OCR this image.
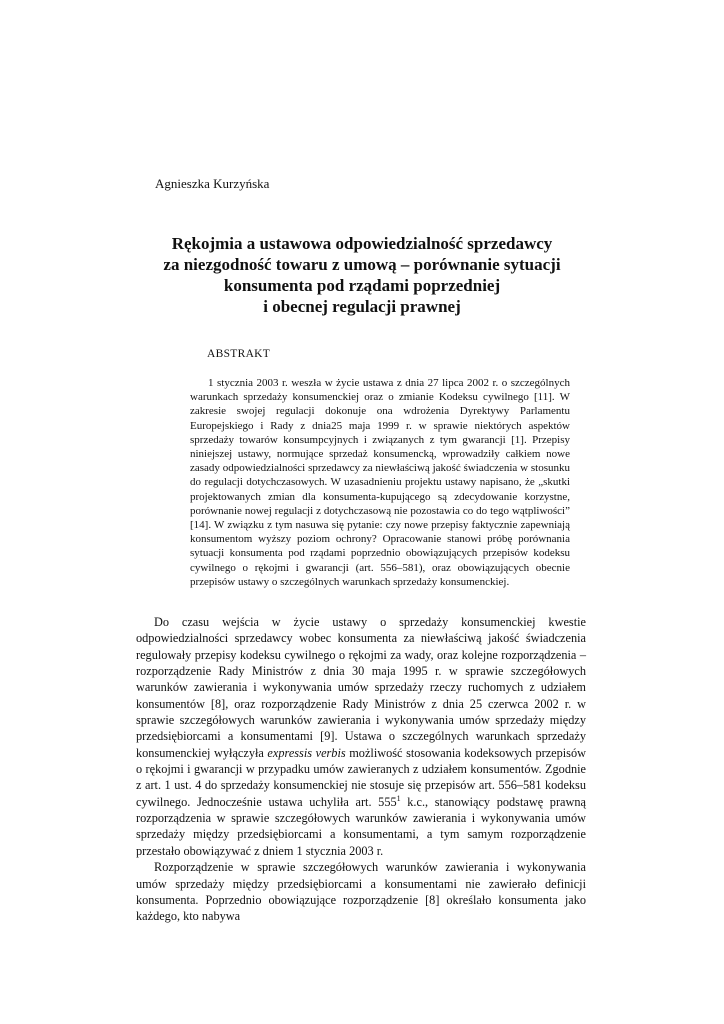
Agnieszka Kurzyńska
Rękojmia a ustawowa odpowiedzialność sprzedawcy
za niezgodność towaru z umową – porównanie sytuacji
konsumenta pod rządami poprzedniej
i obecnej regulacji prawnej
ABSTRAKT
1 stycznia 2003 r. weszła w życie ustawa z dnia 27 lipca 2002 r. o szczególnych warunkach sprzedaży konsumenckiej oraz o zmianie Kodeksu cywilnego [11]. W zakresie swojej regulacji dokonuje ona wdrożenia Dyrektywy Parlamentu Europejskiego i Rady z dnia25 maja 1999 r. w sprawie niektórych aspektów sprzedaży towarów konsumpcyjnych i związanych z tym gwarancji [1]. Przepisy niniejszej ustawy, normujące sprzedaż konsumencką, wprowadziły całkiem nowe zasady odpowiedzialności sprzedawcy za niewłaściwą jakość świadczenia w stosunku do regulacji dotychczasowych. W uzasadnieniu projektu ustawy napisano, że „skutki projektowanych zmian dla konsumenta-kupującego są zdecydowanie korzystne, porównanie nowej regulacji z dotychczasową nie pozostawia co do tego wątpliwości” [14]. W związku z tym nasuwa się pytanie: czy nowe przepisy faktycznie zapewniają konsumentom wyższy poziom ochrony? Opracowanie stanowi próbę porównania sytuacji konsumenta pod rządami poprzednio obowiązujących przepisów kodeksu cywilnego o rękojmi i gwarancji (art. 556–581), oraz obowiązujących obecnie przepisów ustawy o szczególnych warunkach sprzedaży konsumenckiej.

Do czasu wejścia w życie ustawy o sprzedaży konsumenckiej kwestie odpowiedzialności sprzedawcy wobec konsumenta za niewłaściwą jakość świadczenia regulowały przepisy kodeksu cywilnego o rękojmi za wady, oraz kolejne rozporządzenia – rozporządzenie Rady Ministrów z dnia 30 maja 1995 r. w sprawie szczegółowych warunków zawierania i wykonywania umów sprzedaży rzeczy ruchomych z udziałem konsumentów [8], oraz rozporządzenie Rady Ministrów z dnia 25 czerwca 2002 r. w sprawie szczegółowych warunków zawierania i wykonywania umów sprzedaży między przedsiębiorcami a konsumentami [9]. Ustawa o szczególnych warunkach sprzedaży konsumenckiej wyłączyła expressis verbis możliwość stosowania kodeksowych przepisów o rękojmi i gwarancji w przypadku umów zawieranych z udziałem konsumentów. Zgodnie z art. 1 ust. 4 do sprzedaży konsumenckiej nie stosuje się przepisów art. 556–581 kodeksu cywilnego. Jednocześnie ustawa uchyliła art. $555^1$ k.c., stanowiący podstawę prawną rozporządzenia w sprawie szczegółowych warunków zawierania i wykonywania umów sprzedaży między przedsiębiorcami a konsumentami, a tym samym rozporządzenie przestało obowiązywać z dniem 1 stycznia 2003 r.

Rozporządzenie w sprawie szczegółowych warunków zawierania i wykonywania umów sprzedaży między przedsiębiorcami a konsumentami nie zawierało definicji konsumenta. Poprzednio obowiązujące rozporządzenie [8] określało konsumenta jako każdego, kto nabywa
